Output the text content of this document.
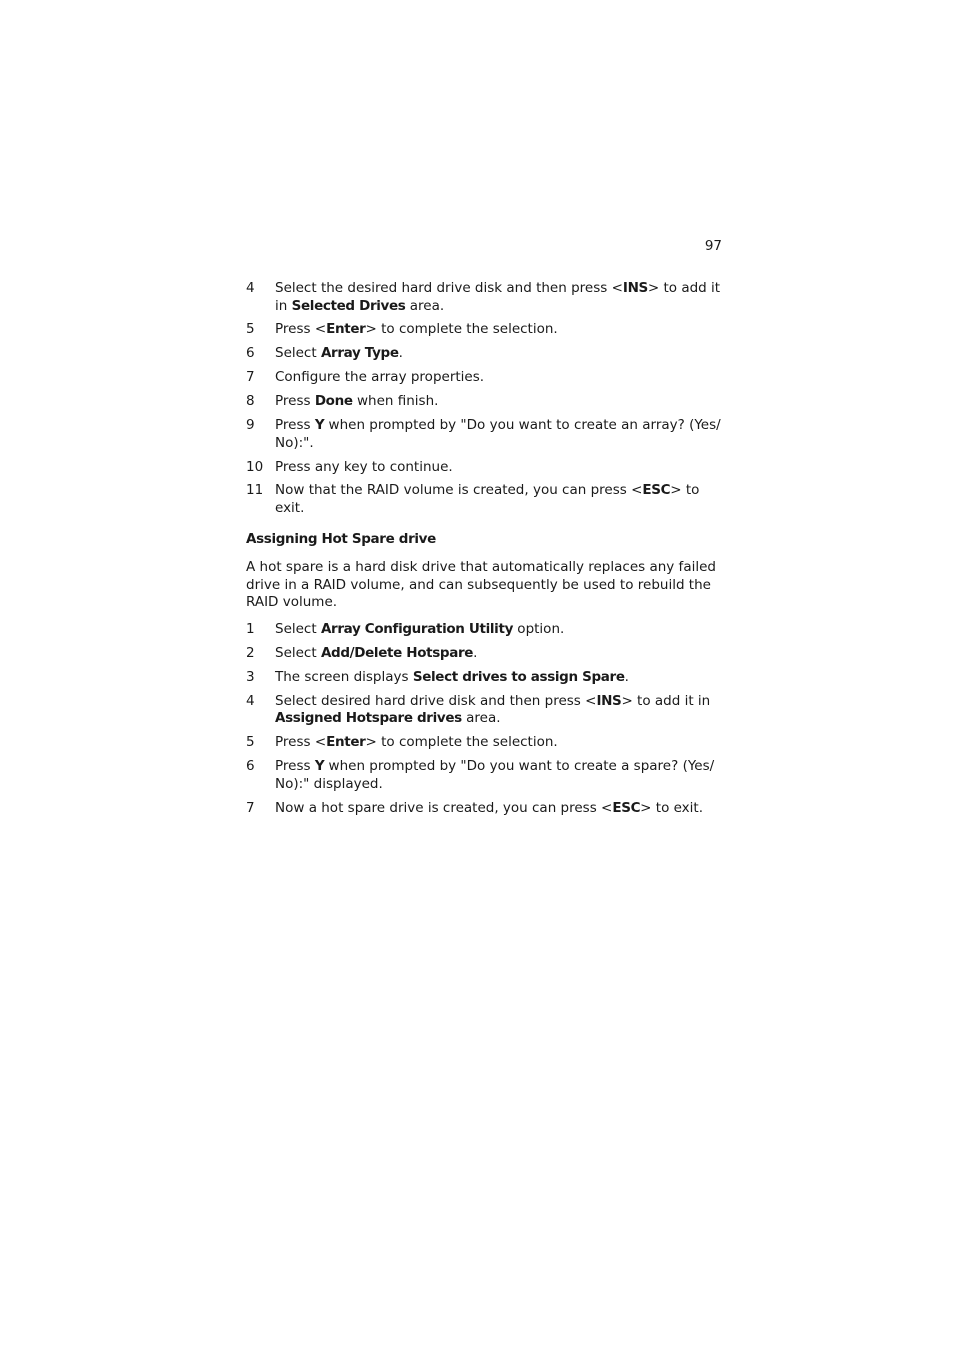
97
4	Select the desired hard drive disk and then press <INS> to add it in Selected Drives area.
5	Press <Enter> to complete the selection.
6	Select Array Type.
7	Configure the array properties.
8	Press Done when finish.
9	Press Y when prompted by "Do you want to create an array? (Yes/ No):".
10 Press any key to continue.
11 Now that the RAID volume is created, you can press <ESC> to exit.
Assigning Hot Spare drive

A hot spare is a hard disk drive that automatically replaces any failed drive in a RAID volume, and can subsequently be used to rebuild the RAID volume.

1	Select Array Configuration Utility option.
2	Select Add/Delete Hotspare.
3	The screen displays Select drives to assign Spare.
4	Select desired hard drive disk and then press <INS> to add it in Assigned Hotspare drives area.
5	Press <Enter> to complete the selection.
6	Press Y when prompted by "Do you want to create a spare? (Yes/ No):" displayed.
7	Now a hot spare drive is created, you can press <ESC> to exit.
